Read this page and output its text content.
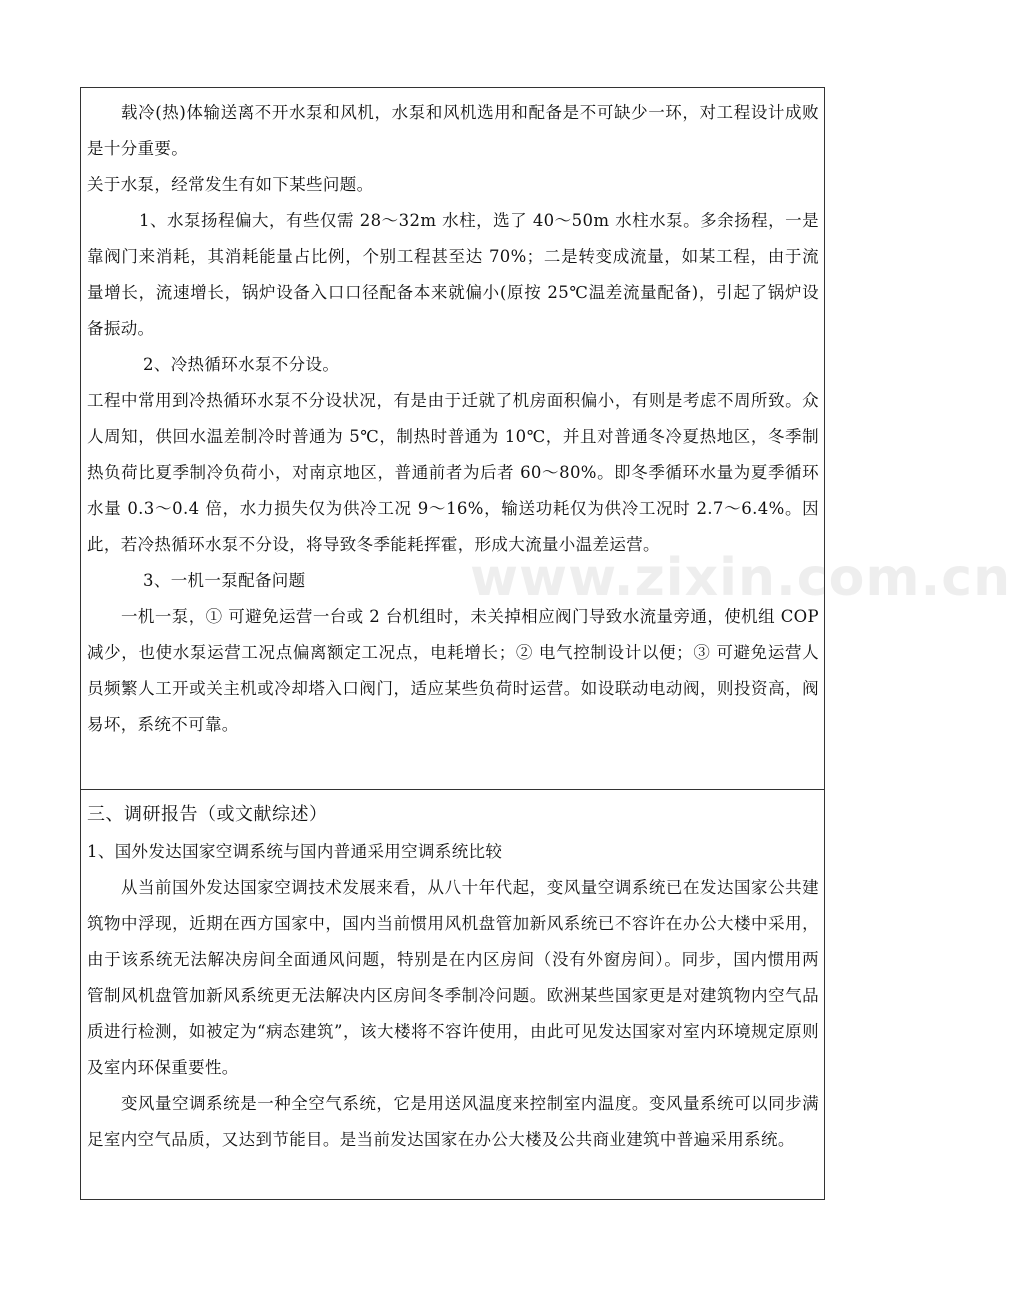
载冷(热)体输送离不开水泵和风机，水泵和风机选用和配备是不可缺少一环，对工程设计成败是十分重要。

关于水泵，经常发生有如下某些问题。

1、水泵扬程偏大，有些仅需 28～32m 水柱，选了 40～50m 水柱水泵。多余扬程，一是靠阀门来消耗，其消耗能量占比例，个别工程甚至达 70%；二是转变成流量，如某工程，由于流量增长，流速增长，锅炉设备入口口径配备本来就偏小(原按 25℃温差流量配备)，引起了锅炉设备振动。

2、冷热循环水泵不分设。

工程中常用到冷热循环水泵不分设状况，有是由于迁就了机房面积偏小，有则是考虑不周所致。众人周知，供回水温差制冷时普通为 5℃，制热时普通为 10℃，并且对普通冬冷夏热地区，冬季制热负荷比夏季制冷负荷小，对南京地区，普通前者为后者 60～80%。即冬季循环水量为夏季循环水量 0.3～0.4 倍，水力损失仅为供冷工况 9～16%，输送功耗仅为供冷工况时 2.7～6.4%。因此，若冷热循环水泵不分设，将导致冬季能耗挥霍，形成大流量小温差运营。

3、一机一泵配备问题

一机一泵，① 可避免运营一台或 2 台机组时，未关掉相应阀门导致水流量旁通，使机组 COP 减少，也使水泵运营工况点偏离额定工况点，电耗增长；② 电气控制设计以便；③ 可避免运营人员频繁人工开或关主机或冷却塔入口阀门，适应某些负荷时运营。如设联动电动阀，则投资高，阀易坏，系统不可靠。

三、调研报告（或文献综述）

1、国外发达国家空调系统与国内普通采用空调系统比较

从当前国外发达国家空调技术发展来看，从八十年代起，变风量空调系统已在发达国家公共建筑物中浮现，近期在西方国家中，国内当前惯用风机盘管加新风系统已不容许在办公大楼中采用，由于该系统无法解决房间全面通风问题，特别是在内区房间（没有外窗房间）。同步，国内惯用两管制风机盘管加新风系统更无法解决内区房间冬季制冷问题。欧洲某些国家更是对建筑物内空气品质进行检测，如被定为“病态建筑”，该大楼将不容许使用，由此可见发达国家对室内环境规定原则及室内环保重要性。

变风量空调系统是一种全空气系统，它是用送风温度来控制室内温度。变风量系统可以同步满足室内空气品质，又达到节能目。是当前发达国家在办公大楼及公共商业建筑中普遍采用系统。

www.zixin.com.cn
